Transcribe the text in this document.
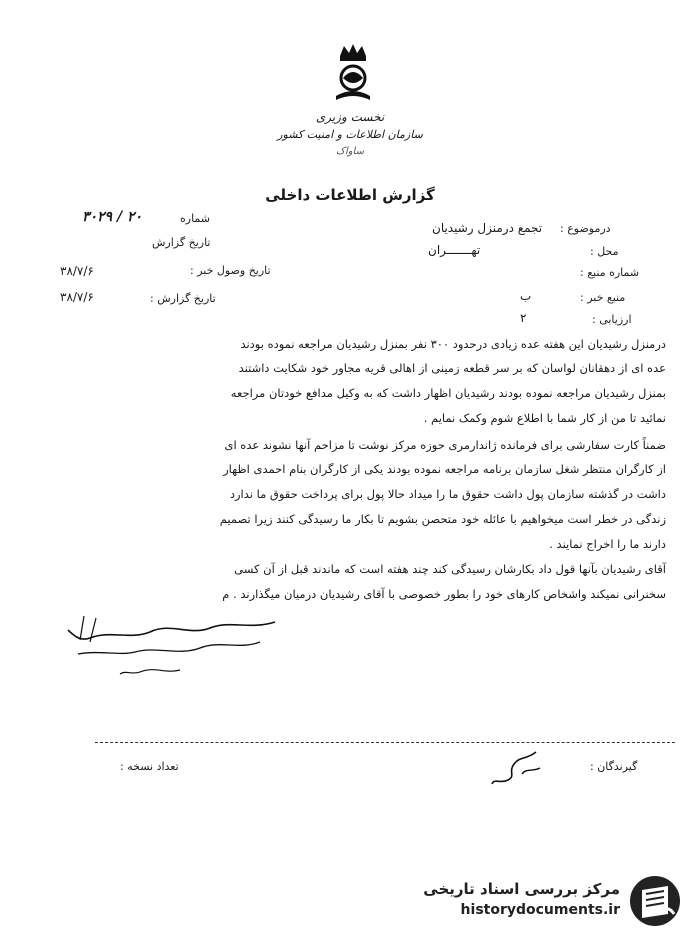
نخست وزیری
سازمان اطلاعات و امنیت کشور
ساواک
گزارش اطلاعات داخلی
شماره
۳۰۲۹ / ۲۰
تاریخ گزارش
درموضوع :
تجمع درمنزل رشیدیان
محل :
تهـــــــران
تاریخ وصول خبر :
۳۸/۷/۶	شماره منبع :
تاریخ گزارش :
۳۸/۷/۶	منبع خبر :
ب
ارزیابی :
۲
درمنزل رشیدیان این هفته عده زیادی درحدود ۳۰۰ نفر بمنزل رشیدیان مراجعه نموده بودند
عده ای از دهقانان لواسان که بر سر قطعه زمینی از اهالی قریه مجاور خود شکایت داشتند
بمنزل رشیدیان مراجعه نموده بودند رشیدیان اظهار داشت که به وکیل مدافع خودتان مراجعه
نمائید تا من از کار شما با اطلاع شوم وکمک نمایم .
ضمناً کارت سفارشی برای فرمانده ژاندارمری حوزه مرکز نوشت تا مزاحم آنها نشوند عده ای
از کارگران منتظر شغل سازمان برنامه مراجعه نموده بودند یکی از کارگران بنام احمدی اظهار
داشت در گذشته سازمان پول داشت حقوق ما را میداد حالا پول برای پرداخت حقوق ما ندارد
زندگی در خطر است میخواهیم با عائله خود متحصن بشویم تا بکار ما رسیدگی کنند زیرا تصمیم
دارند ما را اخراج نمایند .
آقای رشیدیان بآنها قول داد بکارشان رسیدگی کند چند هفته است که ماندند قبل از آن کسی
سخنرانی نمیکند واشخاص کارهای خود را بطور خصوصی با آقای رشیدیان درمیان میگذارند . م
گیرندگان :
تعداد نسخه :
مرکز بررسی اسناد تاریخی
historydocuments.ir
